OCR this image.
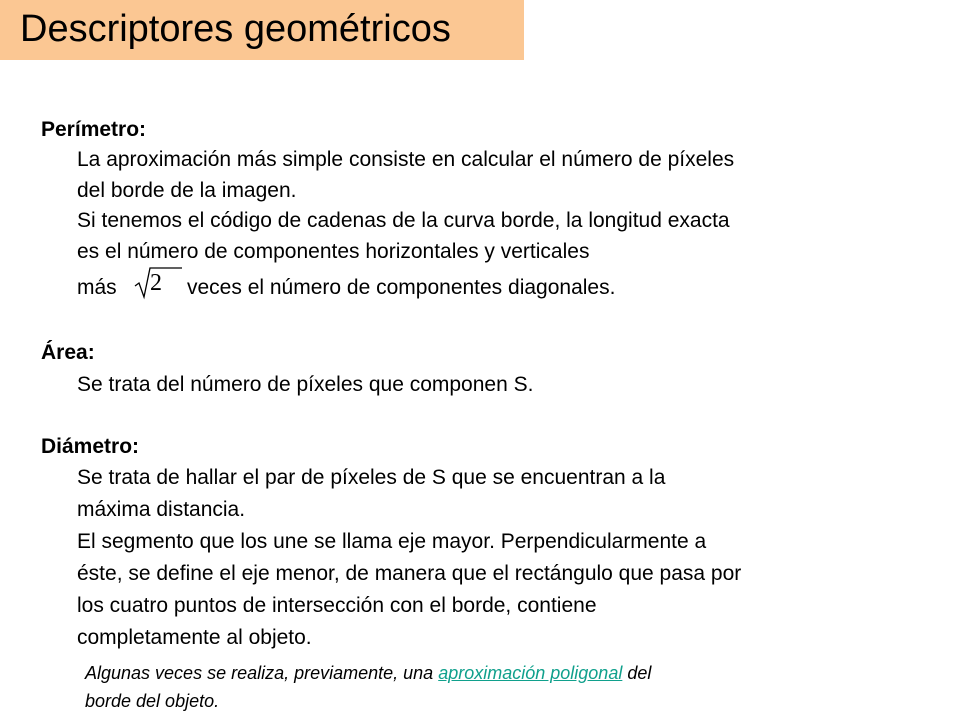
Descriptores geométricos
Perímetro:
La aproximación más simple consiste en calcular el número de píxeles
del borde de la imagen.
Si tenemos el código de cadenas de la curva borde, la longitud exacta
es el número de componentes horizontales y verticales
más 2 veces el número de componentes diagonales.
Área:
Se trata del número de píxeles que componen S.
Diámetro:
Se trata de hallar el par de píxeles de S que se encuentran a la
máxima distancia.
El segmento que los une se llama eje mayor. Perpendicularmente a
éste, se define el eje menor, de manera que el rectángulo que pasa por
los cuatro puntos de intersección con el borde, contiene
completamente al objeto.
Algunas veces se realiza, previamente, una aproximación poligonal del
borde del objeto.
